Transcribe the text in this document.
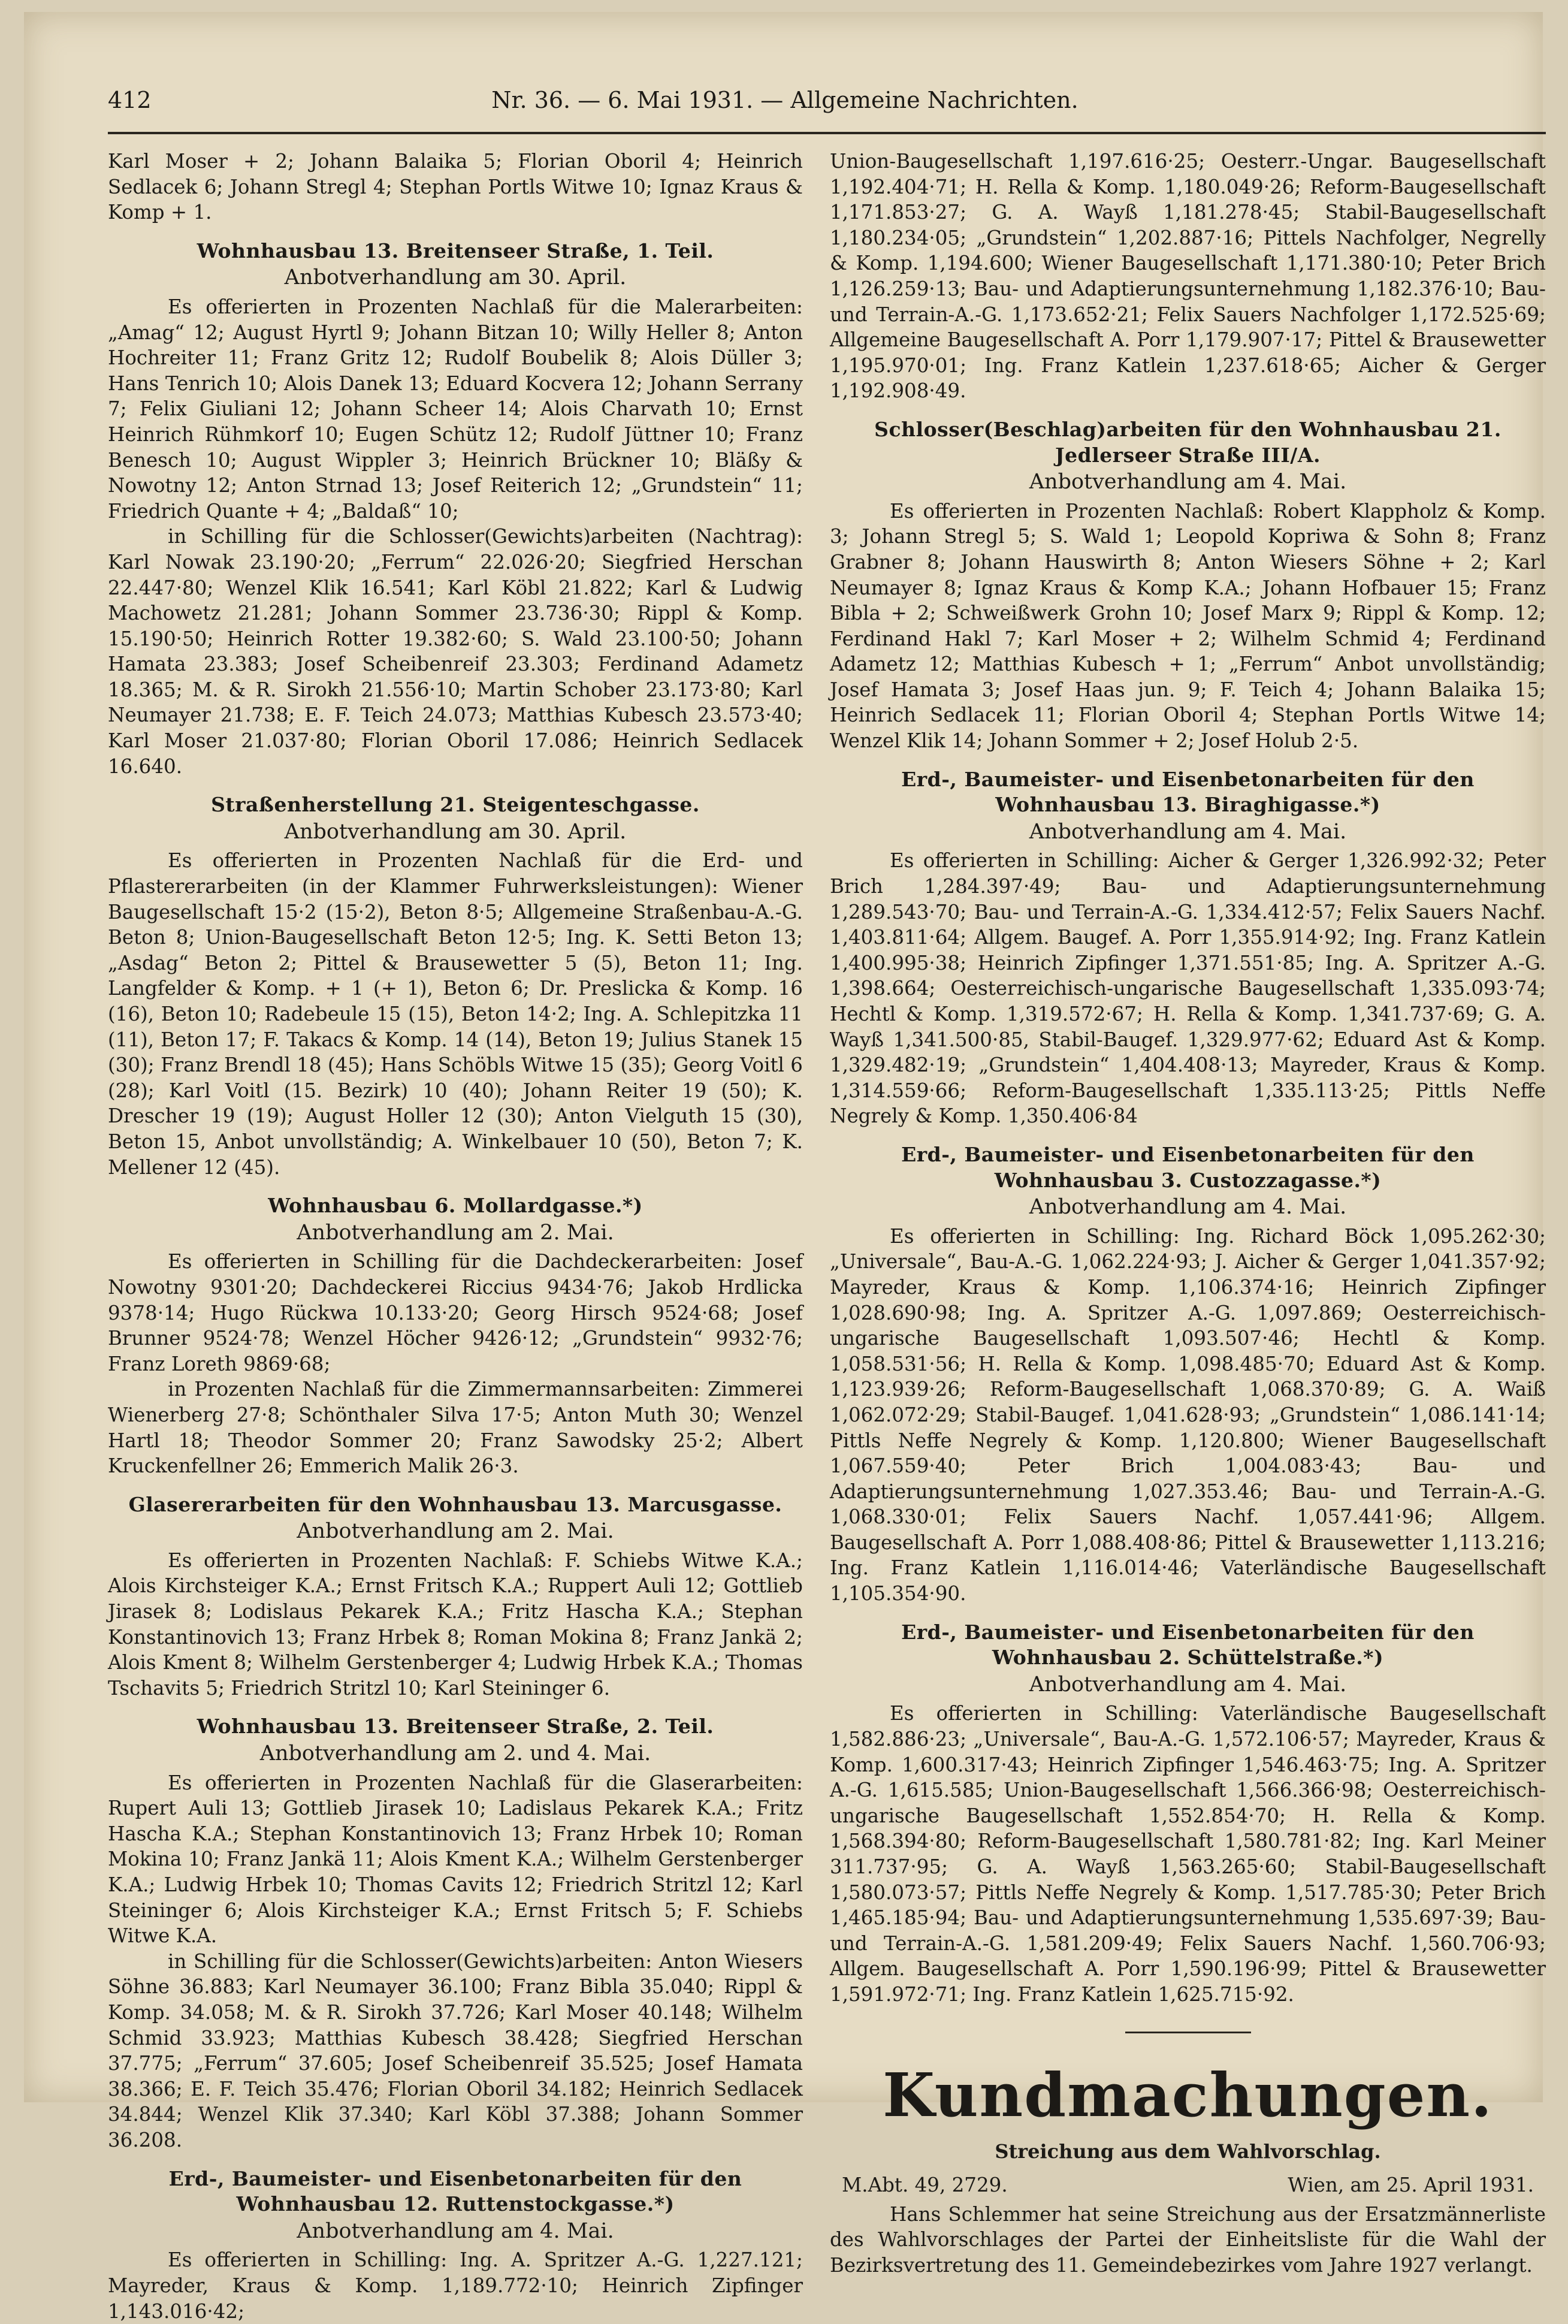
412	Nr. 36. — 6. Mai 1931. — Allgemeine Nachrichten.

Karl Moser + 2; Johann Balaika 5; Florian Oboril 4; Heinrich Sedlacek 6; Johann Stregl 4; Stephan Portls Witwe 10; Ignaz Kraus & Komp + 1.

Wohnhausbau 13. Breitenseer Straße, 1. Teil.
Anbotverhandlung am 30. April.

Es offerierten in Prozenten Nachlaß für die Malerarbeiten: „Amag“ 12; August Hyrtl 9; Johann Bitzan 10; Willy Heller 8; Anton Hochreiter 11; Franz Gritz 12; Rudolf Boubelik 8; Alois Düller 3; Hans Tenrich 10; Alois Danek 13; Eduard Kocvera 12; Johann Serrany 7; Felix Giuliani 12; Johann Scheer 14; Alois Charvath 10; Ernst Heinrich Rühmkorf 10; Eugen Schütz 12; Rudolf Jüttner 10; Franz Benesch 10; August Wippler 3; Heinrich Brückner 10; Bläßy & Nowotny 12; Anton Strnad 13; Josef Reiterich 12; „Grundstein“ 11; Friedrich Quante + 4; „Baldaß“ 10;

in Schilling für die Schlosser(Gewichts)arbeiten (Nachtrag): Karl Nowak 23.190·20; „Ferrum“ 22.026·20; Siegfried Herschan 22.447·80; Wenzel Klik 16.541; Karl Köbl 21.822; Karl & Ludwig Machowetz 21.281; Johann Sommer 23.736·30; Rippl & Komp. 15.190·50; Heinrich Rotter 19.382·60; S. Wald 23.100·50; Johann Hamata 23.383; Josef Scheibenreif 23.303; Ferdinand Adametz 18.365; M. & R. Sirokh 21.556·10; Martin Schober 23.173·80; Karl Neumayer 21.738; E. F. Teich 24.073; Matthias Kubesch 23.573·40; Karl Moser 21.037·80; Florian Oboril 17.086; Heinrich Sedlacek 16.640.

Straßenherstellung 21. Steigenteschgasse.
Anbotverhandlung am 30. April.

Es offerierten in Prozenten Nachlaß für die Erd- und Pflastererarbeiten (in der Klammer Fuhrwerksleistungen): Wiener Baugesellschaft 15·2 (15·2), Beton 8·5; Allgemeine Straßenbau-A.-G. Beton 8; Union-Baugesellschaft Beton 12·5; Ing. K. Setti Beton 13; „Asdag“ Beton 2; Pittel & Brausewetter 5 (5), Beton 11; Ing. Langfelder & Komp. + 1 (+ 1), Beton 6; Dr. Preslicka & Komp. 16 (16), Beton 10; Radebeule 15 (15), Beton 14·2; Ing. A. Schlepitzka 11 (11), Beton 17; F. Takacs & Komp. 14 (14), Beton 19; Julius Stanek 15 (30); Franz Brendl 18 (45); Hans Schöbls Witwe 15 (35); Georg Voitl 6 (28); Karl Voitl (15. Bezirk) 10 (40); Johann Reiter 19 (50); K. Drescher 19 (19); August Holler 12 (30); Anton Vielguth 15 (30), Beton 15, Anbot unvollständig; A. Winkelbauer 10 (50), Beton 7; K. Mellener 12 (45).

Wohnhausbau 6. Mollardgasse.*)
Anbotverhandlung am 2. Mai.

Es offerierten in Schilling für die Dachdeckerarbeiten: Josef Nowotny 9301·20; Dachdeckerei Riccius 9434·76; Jakob Hrdlicka 9378·14; Hugo Rückwa 10.133·20; Georg Hirsch 9524·68; Josef Brunner 9524·78; Wenzel Höcher 9426·12; „Grundstein“ 9932·76; Franz Loreth 9869·68;

in Prozenten Nachlaß für die Zimmermannsarbeiten: Zimmerei Wienerberg 27·8; Schönthaler Silva 17·5; Anton Muth 30; Wenzel Hartl 18; Theodor Sommer 20; Franz Sawodsky 25·2; Albert Kruckenfellner 26; Emmerich Malik 26·3.

Glasererarbeiten für den Wohnhausbau 13. Marcusgasse.
Anbotverhandlung am 2. Mai.

Es offerierten in Prozenten Nachlaß: F. Schiebs Witwe K.A.; Alois Kirchsteiger K.A.; Ernst Fritsch K.A.; Ruppert Auli 12; Gottlieb Jirasek 8; Lodislaus Pekarek K.A.; Fritz Hascha K.A.; Stephan Konstantinovich 13; Franz Hrbek 8; Roman Mokina 8; Franz Jankä 2; Alois Kment 8; Wilhelm Gerstenberger 4; Ludwig Hrbek K.A.; Thomas Tschavits 5; Friedrich Stritzl 10; Karl Steininger 6.

Wohnhausbau 13. Breitenseer Straße, 2. Teil.
Anbotverhandlung am 2. und 4. Mai.

Es offerierten in Prozenten Nachlaß für die Glaserarbeiten: Rupert Auli 13; Gottlieb Jirasek 10; Ladislaus Pekarek K.A.; Fritz Hascha K.A.; Stephan Konstantinovich 13; Franz Hrbek 10; Roman Mokina 10; Franz Jankä 11; Alois Kment K.A.; Wilhelm Gerstenberger K.A.; Ludwig Hrbek 10; Thomas Cavits 12; Friedrich Stritzl 12; Karl Steininger 6; Alois Kirchsteiger K.A.; Ernst Fritsch 5; F. Schiebs Witwe K.A.

in Schilling für die Schlosser(Gewichts)arbeiten: Anton Wiesers Söhne 36.883; Karl Neumayer 36.100; Franz Bibla 35.040; Rippl & Komp. 34.058; M. & R. Sirokh 37.726; Karl Moser 40.148; Wilhelm Schmid 33.923; Matthias Kubesch 38.428; Siegfried Herschan 37.775; „Ferrum“ 37.605; Josef Scheibenreif 35.525; Josef Hamata 38.366; E. F. Teich 35.476; Florian Oboril 34.182; Heinrich Sedlacek 34.844; Wenzel Klik 37.340; Karl Köbl 37.388; Johann Sommer 36.208.

Erd-, Baumeister- und Eisenbetonarbeiten für den Wohnhausbau 12. Ruttenstockgasse.*)
Anbotverhandlung am 4. Mai.

Es offerierten in Schilling: Ing. A. Spritzer A.-G. 1,227.121; Mayreder, Kraus & Komp. 1,189.772·10; Heinrich Zipfinger 1,143.016·42;

Union-Baugesellschaft 1,197.616·25; Oesterr.-Ungar. Baugesellschaft 1,192.404·71; H. Rella & Komp. 1,180.049·26; Reform-Baugesellschaft 1,171.853·27; G. A. Wayß 1,181.278·45; Stabil-Baugesellschaft 1,180.234·05; „Grundstein“ 1,202.887·16; Pittels Nachfolger, Negrelly & Komp. 1,194.600; Wiener Baugesellschaft 1,171.380·10; Peter Brich 1,126.259·13; Bau- und Adaptierungsunternehmung 1,182.376·10; Bau- und Terrain-A.-G. 1,173.652·21; Felix Sauers Nachfolger 1,172.525·69; Allgemeine Baugesellschaft A. Porr 1,179.907·17; Pittel & Brausewetter 1,195.970·01; Ing. Franz Katlein 1,237.618·65; Aicher & Gerger 1,192.908·49.

Schlosser(Beschlag)arbeiten für den Wohnhausbau 21. Jedlerseer Straße III/A.
Anbotverhandlung am 4. Mai.

Es offerierten in Prozenten Nachlaß: Robert Klappholz & Komp. 3; Johann Stregl 5; S. Wald 1; Leopold Kopriwa & Sohn 8; Franz Grabner 8; Johann Hauswirth 8; Anton Wiesers Söhne + 2; Karl Neumayer 8; Ignaz Kraus & Komp K.A.; Johann Hofbauer 15; Franz Bibla + 2; Schweißwerk Grohn 10; Josef Marx 9; Rippl & Komp. 12; Ferdinand Hakl 7; Karl Moser + 2; Wilhelm Schmid 4; Ferdinand Adametz 12; Matthias Kubesch + 1; „Ferrum“ Anbot unvollständig; Josef Hamata 3; Josef Haas jun. 9; F. Teich 4; Johann Balaika 15; Heinrich Sedlacek 11; Florian Oboril 4; Stephan Portls Witwe 14; Wenzel Klik 14; Johann Sommer + 2; Josef Holub 2·5.

Erd-, Baumeister- und Eisenbetonarbeiten für den Wohnhausbau 13. Biraghigasse.*)
Anbotverhandlung am 4. Mai.

Es offerierten in Schilling: Aicher & Gerger 1,326.992·32; Peter Brich 1,284.397·49; Bau- und Adaptierungsunternehmung 1,289.543·70; Bau- und Terrain-A.-G. 1,334.412·57; Felix Sauers Nachf. 1,403.811·64; Allgem. Baugef. A. Porr 1,355.914·92; Ing. Franz Katlein 1,400.995·38; Heinrich Zipfinger 1,371.551·85; Ing. A. Spritzer A.-G. 1,398.664; Oesterreichisch-ungarische Baugesellschaft 1,335.093·74; Hechtl & Komp. 1,319.572·67; H. Rella & Komp. 1,341.737·69; G. A. Wayß 1,341.500·85, Stabil-Baugef. 1,329.977·62; Eduard Ast & Komp. 1,329.482·19; „Grundstein“ 1,404.408·13; Mayreder, Kraus & Komp. 1,314.559·66; Reform-Baugesellschaft 1,335.113·25; Pittls Neffe Negrely & Komp. 1,350.406·84

Erd-, Baumeister- und Eisenbetonarbeiten für den Wohnhausbau 3. Custozzagasse.*)
Anbotverhandlung am 4. Mai.

Es offerierten in Schilling: Ing. Richard Böck 1,095.262·30; „Universale“, Bau-A.-G. 1,062.224·93; J. Aicher & Gerger 1,041.357·92; Mayreder, Kraus & Komp. 1,106.374·16; Heinrich Zipfinger 1,028.690·98; Ing. A. Spritzer A.-G. 1,097.869; Oesterreichisch-ungarische Baugesellschaft 1,093.507·46; Hechtl & Komp. 1,058.531·56; H. Rella & Komp. 1,098.485·70; Eduard Ast & Komp. 1,123.939·26; Reform-Baugesellschaft 1,068.370·89; G. A. Waiß 1,062.072·29; Stabil-Baugef. 1,041.628·93; „Grundstein“ 1,086.141·14; Pittls Neffe Negrely & Komp. 1,120.800; Wiener Baugesellschaft 1,067.559·40; Peter Brich 1,004.083·43; Bau- und Adaptierungsunternehmung 1,027.353.46; Bau- und Terrain-A.-G. 1,068.330·01; Felix Sauers Nachf. 1,057.441·96; Allgem. Baugesellschaft A. Porr 1,088.408·86; Pittel & Brausewetter 1,113.216; Ing. Franz Katlein 1,116.014·46; Vaterländische Baugesellschaft 1,105.354·90.

Erd-, Baumeister- und Eisenbetonarbeiten für den Wohnhausbau 2. Schüttelstraße.*)
Anbotverhandlung am 4. Mai.

Es offerierten in Schilling: Vaterländische Baugesellschaft 1,582.886·23; „Universale“, Bau-A.-G. 1,572.106·57; Mayreder, Kraus & Komp. 1,600.317·43; Heinrich Zipfinger 1,546.463·75; Ing. A. Spritzer A.-G. 1,615.585; Union-Baugesellschaft 1,566.366·98; Oesterreichisch-ungarische Baugesellschaft 1,552.854·70; H. Rella & Komp. 1,568.394·80; Reform-Baugesellschaft 1,580.781·82; Ing. Karl Meiner 311.737·95; G. A. Wayß 1,563.265·60; Stabil-Baugesellschaft 1,580.073·57; Pittls Neffe Negrely & Komp. 1,517.785·30; Peter Brich 1,465.185·94; Bau- und Adaptierungsunternehmung 1,535.697·39; Bau- und Terrain-A.-G. 1,581.209·49; Felix Sauers Nachf. 1,560.706·93; Allgem. Baugesellschaft A. Porr 1,590.196·99; Pittel & Brausewetter 1,591.972·71; Ing. Franz Katlein 1,625.715·92.

Kundmachungen.
Streichung aus dem Wahlvorschlag.
M.Abt. 49, 2729.	Wien, am 25. April 1931.

Hans Schlemmer hat seine Streichung aus der Ersatzmännerliste des Wahlvorschlages der Partei der Einheitsliste für die Wahl der Bezirksvertretung des 11. Gemeindebezirkes vom Jahre 1927 verlangt.
